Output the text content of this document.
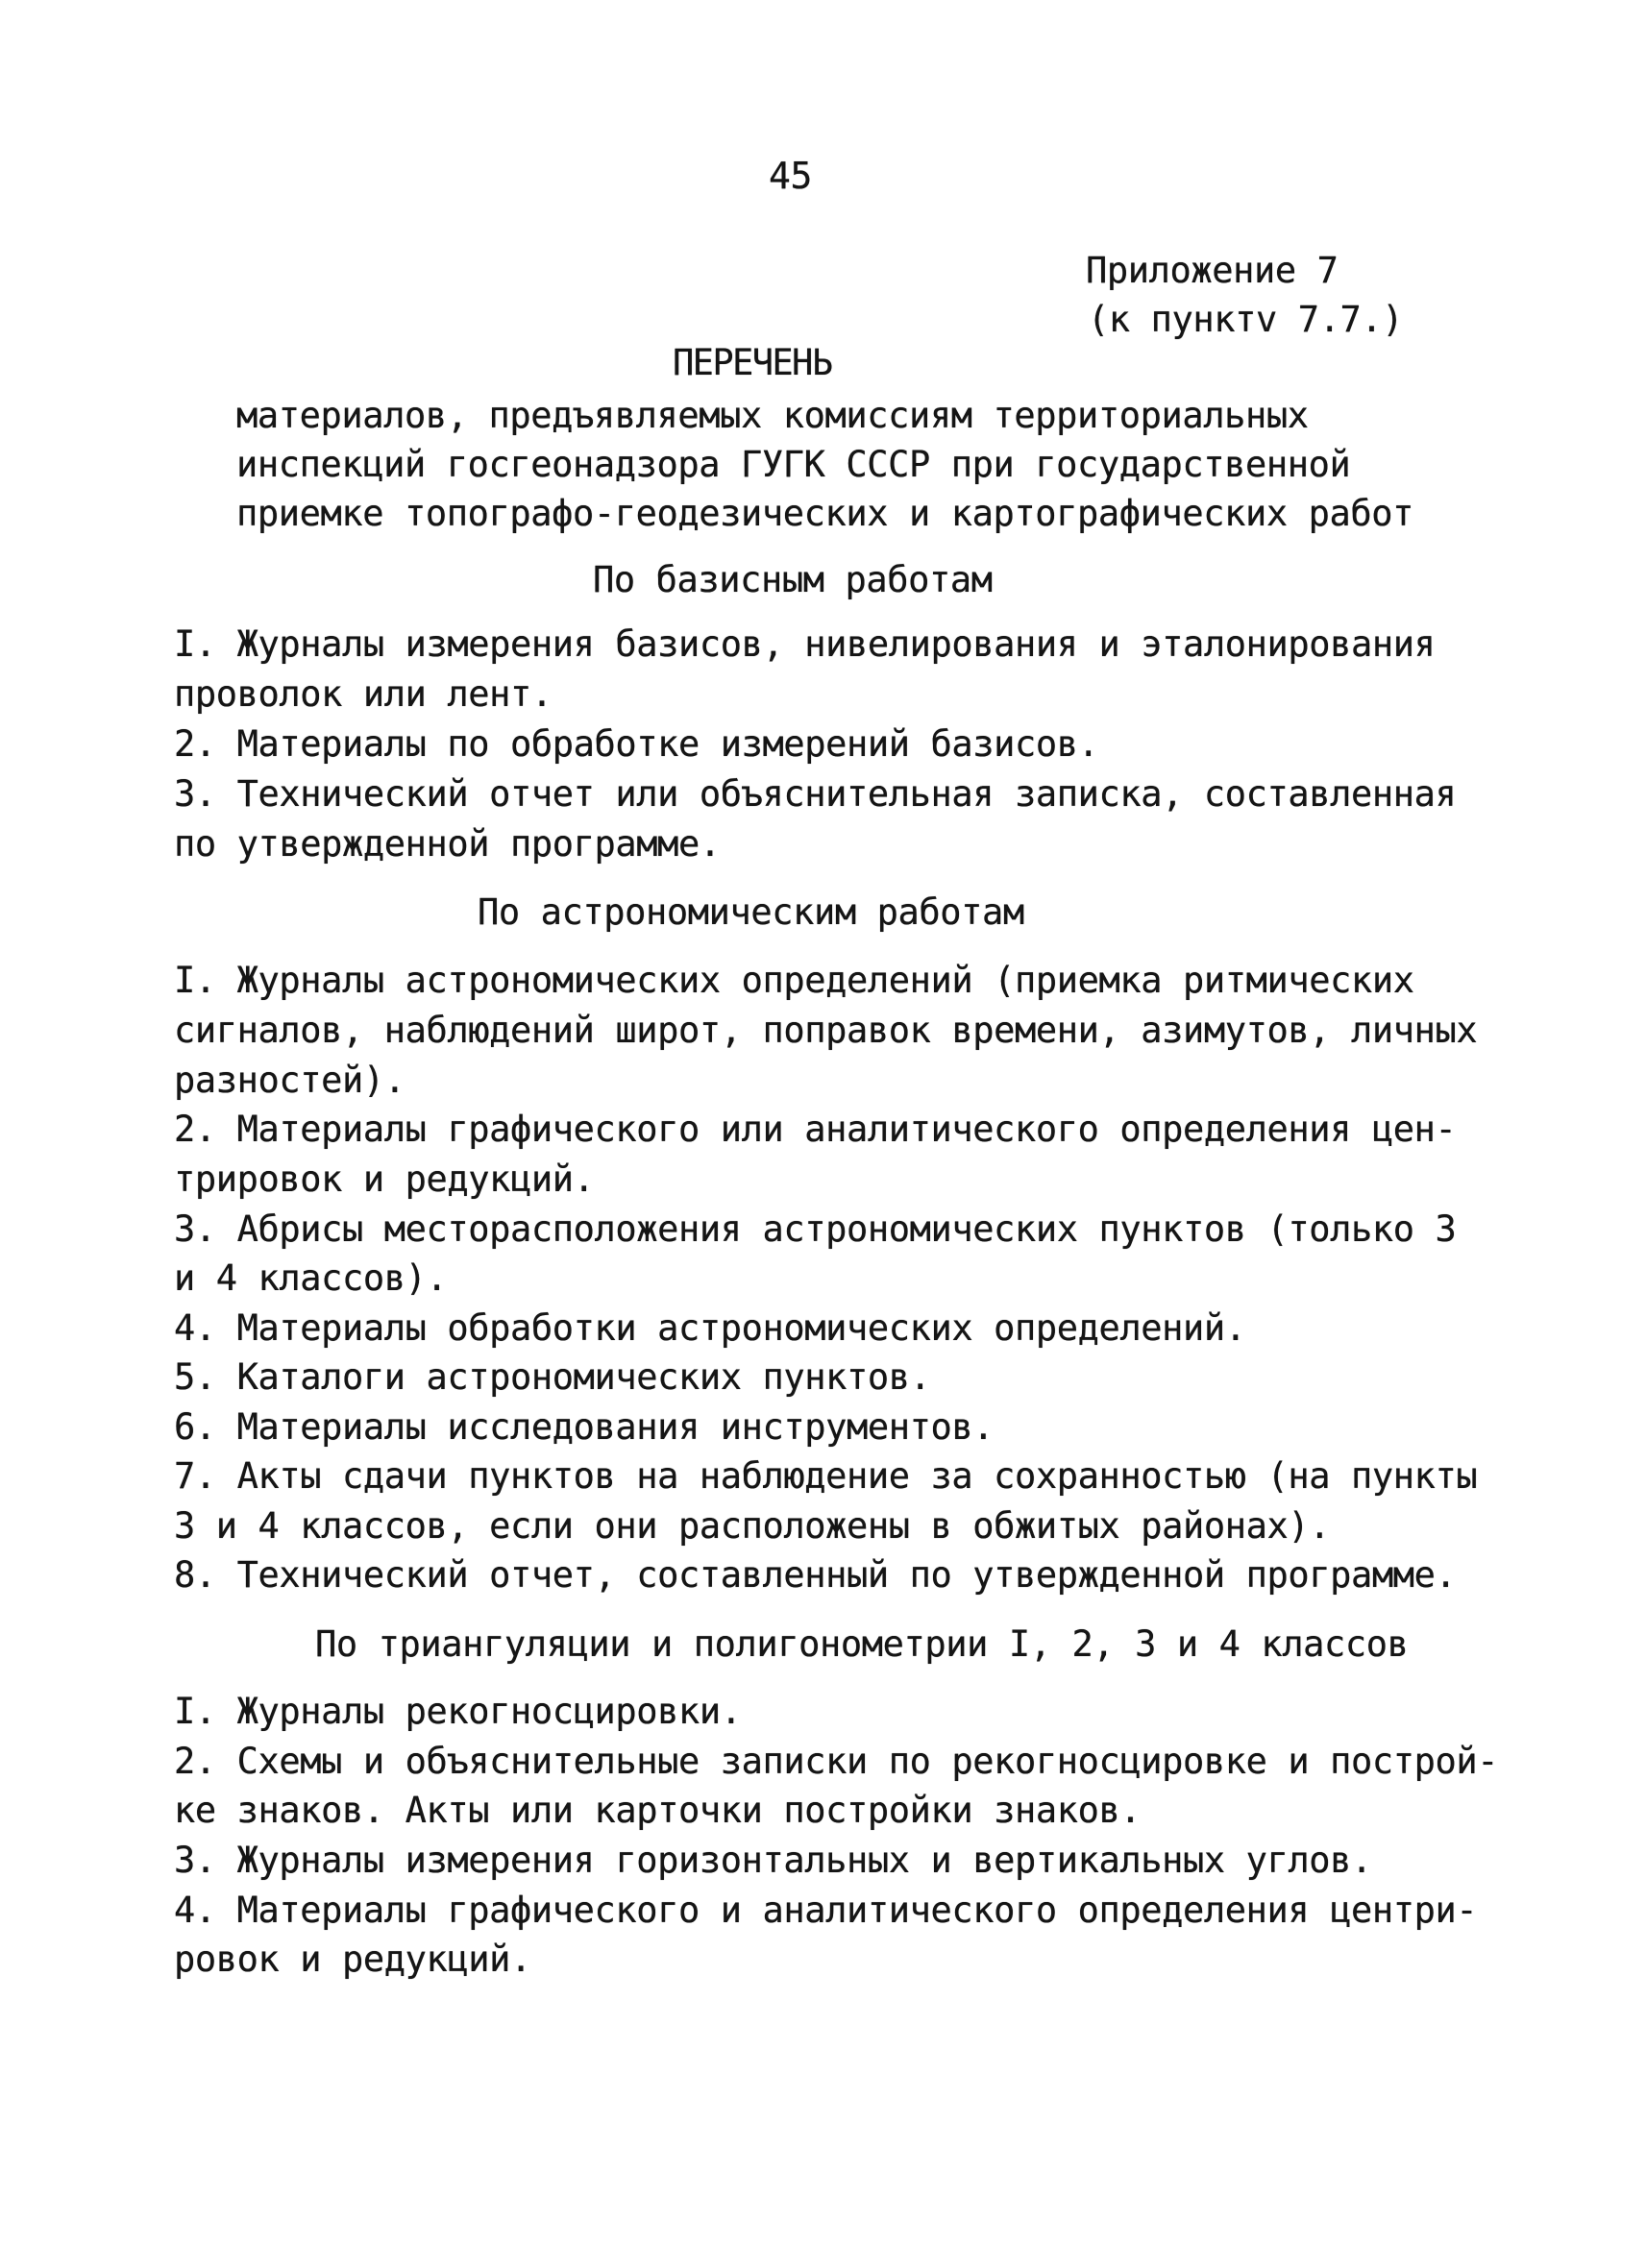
45
Приложение 7
(к пунктv 7.7.)
ПЕРЕЧЕНЬ
материалов, предъявляемых комиссиям территориальных
инспекций госгеонадзора ГУГК СССР при государственной
приемке топографо-геодезических и картографических работ
По базисным работам
I. Журналы измерения базисов, нивелирования и эталонирования
проволок или лент.
2. Материалы по обработке измерений базисов.
3. Технический отчет или объяснительная записка, составленная
по утвержденной программе.
По астрономическим работам
I. Журналы астрономических определений (приемка ритмических
сигналов, наблюдений широт, поправок времени, азимутов, личных
разностей).
2. Материалы графического или аналитического определения цен-
трировок и редукций.
3. Абрисы месторасположения астрономических пунктов (только 3
и 4 классов).
4. Материалы обработки астрономических определений.
5. Каталоги астрономических пунктов.
6. Материалы исследования инструментов.
7. Акты сдачи пунктов на наблюдение за сохранностью (на пункты
3 и 4 классов, если они расположены в обжитых районах).
8. Технический отчет, составленный по утвержденной программе.
По триангуляции и полигонометрии I, 2, 3 и 4 классов
I. Журналы рекогносцировки.
2. Схемы и объяснительные записки по рекогносцировке и построй-
ке знаков. Акты или карточки постройки знаков.
3. Журналы измерения горизонтальных и вертикальных углов.
4. Материалы графического и аналитического определения центри-
ровок и редукций.
